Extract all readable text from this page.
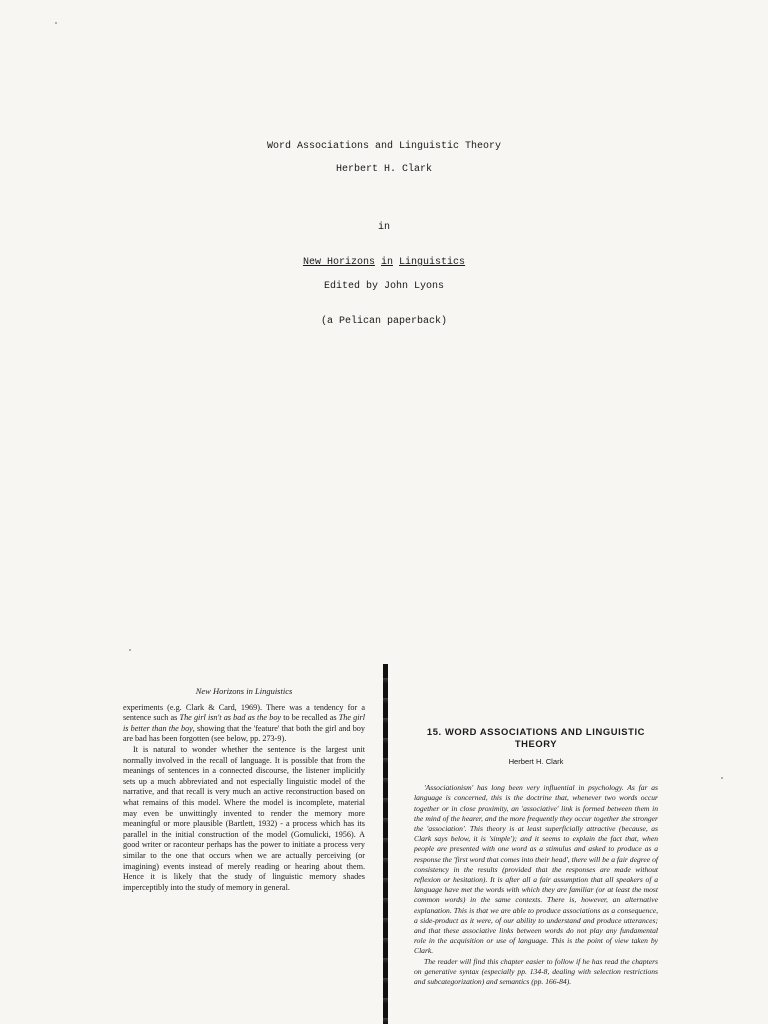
Word Associations and Linguistic Theory
Herbert H. Clark
in
New Horizons in Linguistics
Edited by John Lyons
(a Pelican paperback)
New Horizons in Linguistics

experiments (e.g. Clark & Card, 1969). There was a tendency for a sentence such as The girl isn't as bad as the boy to be recalled as The girl is better than the boy, showing that the 'feature' that both the girl and boy are bad has been forgotten (see below, pp. 273-9).

It is natural to wonder whether the sentence is the largest unit normally involved in the recall of language. It is possible that from the meanings of sentences in a connected discourse, the listener implicitly sets up a much abbreviated and not especially linguistic model of the narrative, and that recall is very much an active reconstruction based on what remains of this model. Where the model is incomplete, material may even be unwittingly invented to render the memory more meaningful or more plausible (Bartlett, 1932) - a process which has its parallel in the initial construction of the model (Gomulicki, 1956). A good writer or raconteur perhaps has the power to initiate a process very similar to the one that occurs when we are actually perceiving (or imagining) events instead of merely reading or hearing about them. Hence it is likely that the study of linguistic memory shades imperceptibly into the study of memory in general.

15. WORD ASSOCIATIONS AND LINGUISTIC THEORY
Herbert H. Clark

'Associationism' has long been very influential in psychology. As far as language is concerned, this is the doctrine that, whenever two words occur together or in close proximity, an 'associative' link is formed between them in the mind of the hearer, and the more frequently they occur together the stronger the 'association'. This theory is at least superficially attractive (because, as Clark says below, it is 'simple'); and it seems to explain the fact that, when people are presented with one word as a stimulus and asked to produce as a response the 'first word that comes into their head', there will be a fair degree of consistency in the results (provided that the responses are made without reflexion or hesitation). It is after all a fair assumption that all speakers of a language have met the words with which they are familiar (or at least the most common words) in the same contexts. There is, however, an alternative explanation. This is that we are able to produce associations as a consequence, a side-product as it were, of our ability to understand and produce utterances; and that these associative links between words do not play any fundamental role in the acquisition or use of language. This is the point of view taken by Clark.

The reader will find this chapter easier to follow if he has read the chapters on generative syntax (especially pp. 134-8, dealing with selection restrictions and subcategorization) and semantics (pp. 166-84).
